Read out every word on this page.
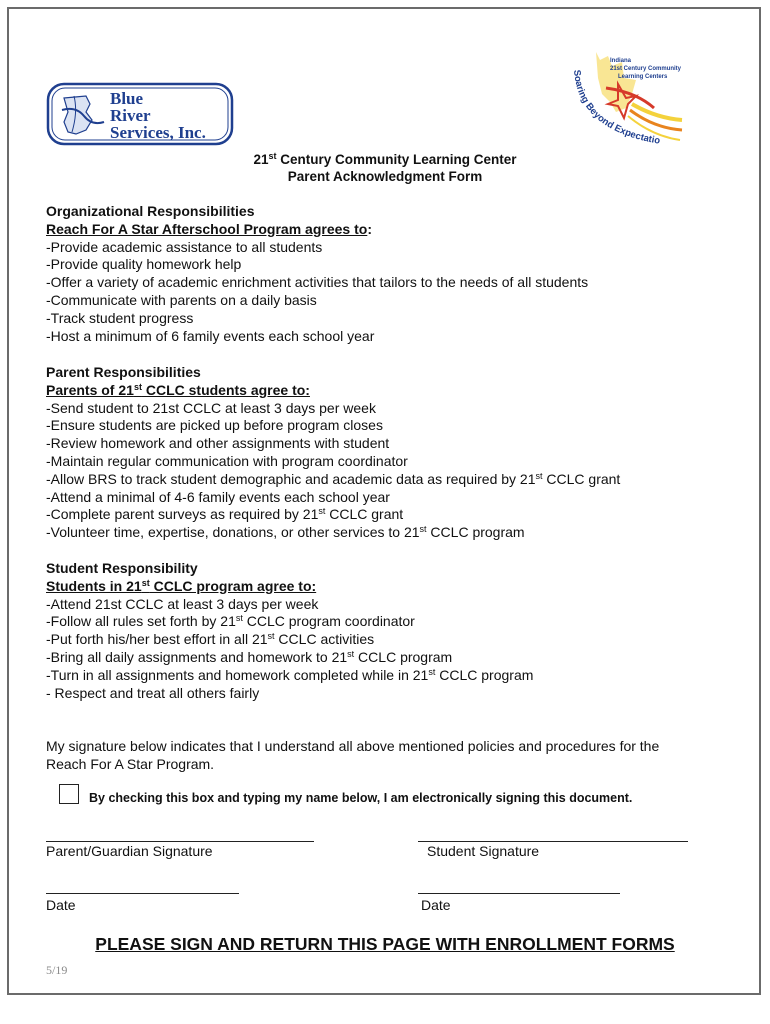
Blue
River
Services, Inc.
Indiana
21st Century Community
Learning Centers
Soaring Beyond Expectatio
21st Century Community Learning Center
Parent Acknowledgment Form
Organizational Responsibilities
Reach For A Star Afterschool Program agrees to:
-Provide academic assistance to all students
-Provide quality homework help
-Offer a variety of academic enrichment activities that tailors to the needs of all students
-Communicate with parents on a daily basis
-Track student progress
-Host a minimum of 6 family events each school year
Parent Responsibilities
Parents of 21st CCLC students agree to:
-Send student to 21st CCLC at least 3 days per week
-Ensure students are picked up before program closes
-Review homework and other assignments with student
-Maintain regular communication with program coordinator
-Allow BRS to track student demographic and academic data as required by 21st CCLC grant
-Attend a minimal of 4-6 family events each school year
-Complete parent surveys as required by 21st CCLC grant
-Volunteer time, expertise, donations, or other services to 21st CCLC program
Student Responsibility
Students in 21st CCLC program agree to:
-Attend 21st CCLC at least 3 days per week
-Follow all rules set forth by 21st CCLC program coordinator
-Put forth his/her best effort in all 21st CCLC activities
-Bring all daily assignments and homework to 21st CCLC program
-Turn in all assignments and homework completed while in 21st CCLC program
- Respect and treat all others fairly
My signature below indicates that I understand all above mentioned policies and procedures for the
Reach For A Star Program.
By checking this box and typing my name below, I am electronically signing this document.
Parent/Guardian Signature	Student Signature
Date	Date
PLEASE SIGN AND RETURN THIS PAGE WITH ENROLLMENT FORMS
5/19
